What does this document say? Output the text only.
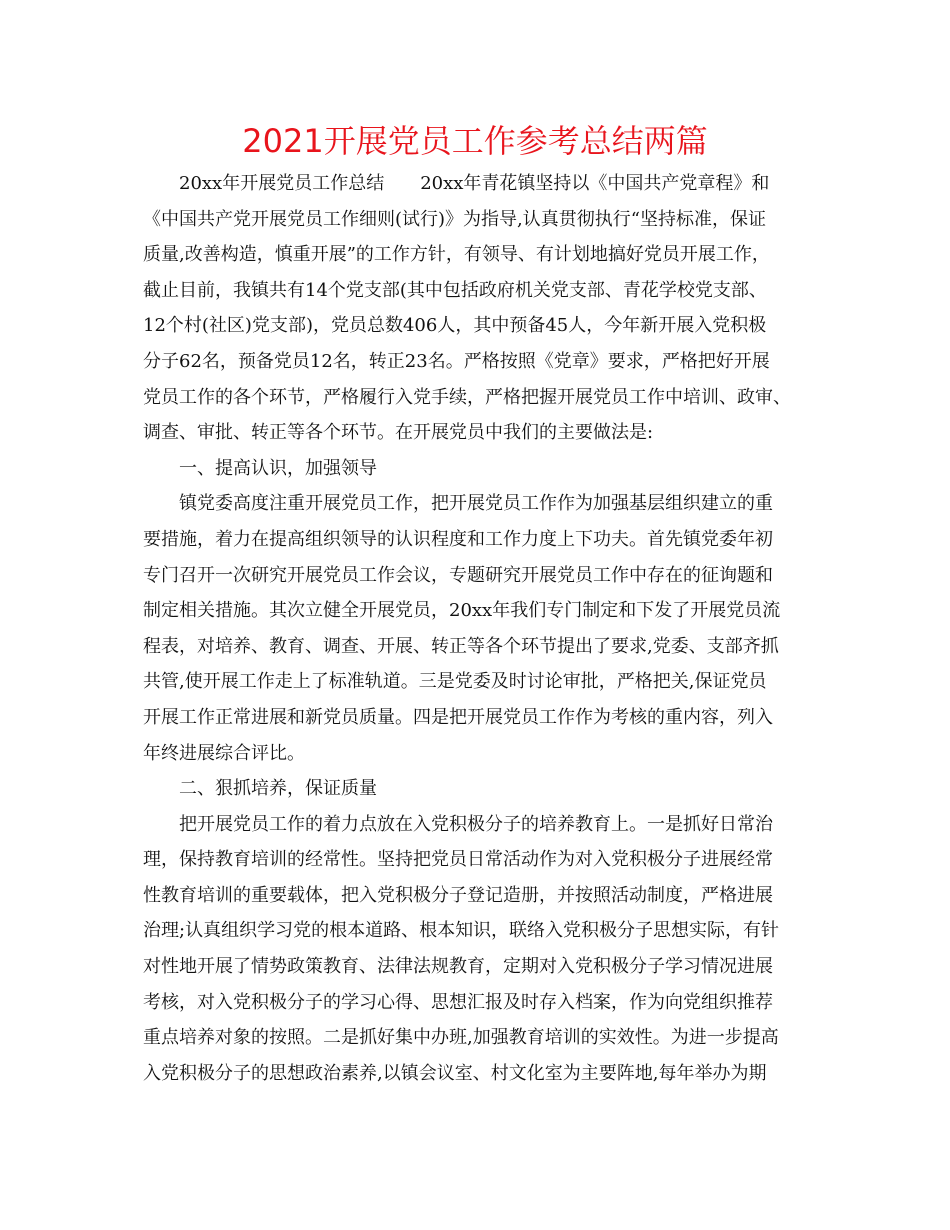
2021开展党员工作参考总结两篇
20xx年开展党员工作总结　　20xx年青花镇坚持以《中国共产党章程》和
《中国共产党开展党员工作细则(试行)》为指导,认真贯彻执行“坚持标准，保证
质量,改善构造，慎重开展”的工作方针，有领导、有计划地搞好党员开展工作，
截止目前，我镇共有14个党支部(其中包括政府机关党支部、青花学校党支部、
12个村(社区)党支部)，党员总数406人，其中预备45人，今年新开展入党积极
分子62名，预备党员12名，转正23名。严格按照《党章》要求，严格把好开展
党员工作的各个环节，严格履行入党手续，严格把握开展党员工作中培训、政审、
调查、审批、转正等各个环节。在开展党员中我们的主要做法是:
一、提高认识，加强领导
镇党委高度注重开展党员工作，把开展党员工作作为加强基层组织建立的重
要措施，着力在提高组织领导的认识程度和工作力度上下功夫。首先镇党委年初
专门召开一次研究开展党员工作会议，专题研究开展党员工作中存在的征询题和
制定相关措施。其次立健全开展党员，20xx年我们专门制定和下发了开展党员流
程表，对培养、教育、调查、开展、转正等各个环节提出了要求,党委、支部齐抓
共管,使开展工作走上了标准轨道。三是党委及时讨论审批，严格把关,保证党员
开展工作正常进展和新党员质量。四是把开展党员工作作为考核的重内容，列入
年终进展综合评比。
二、狠抓培养，保证质量
把开展党员工作的着力点放在入党积极分子的培养教育上。一是抓好日常治
理，保持教育培训的经常性。坚持把党员日常活动作为对入党积极分子进展经常
性教育培训的重要载体，把入党积极分子登记造册，并按照活动制度，严格进展
治理;认真组织学习党的根本道路、根本知识，联络入党积极分子思想实际，有针
对性地开展了情势政策教育、法律法规教育，定期对入党积极分子学习情况进展
考核，对入党积极分子的学习心得、思想汇报及时存入档案，作为向党组织推荐
重点培养对象的按照。二是抓好集中办班,加强教育培训的实效性。为进一步提高
入党积极分子的思想政治素养,以镇会议室、村文化室为主要阵地,每年举办为期
